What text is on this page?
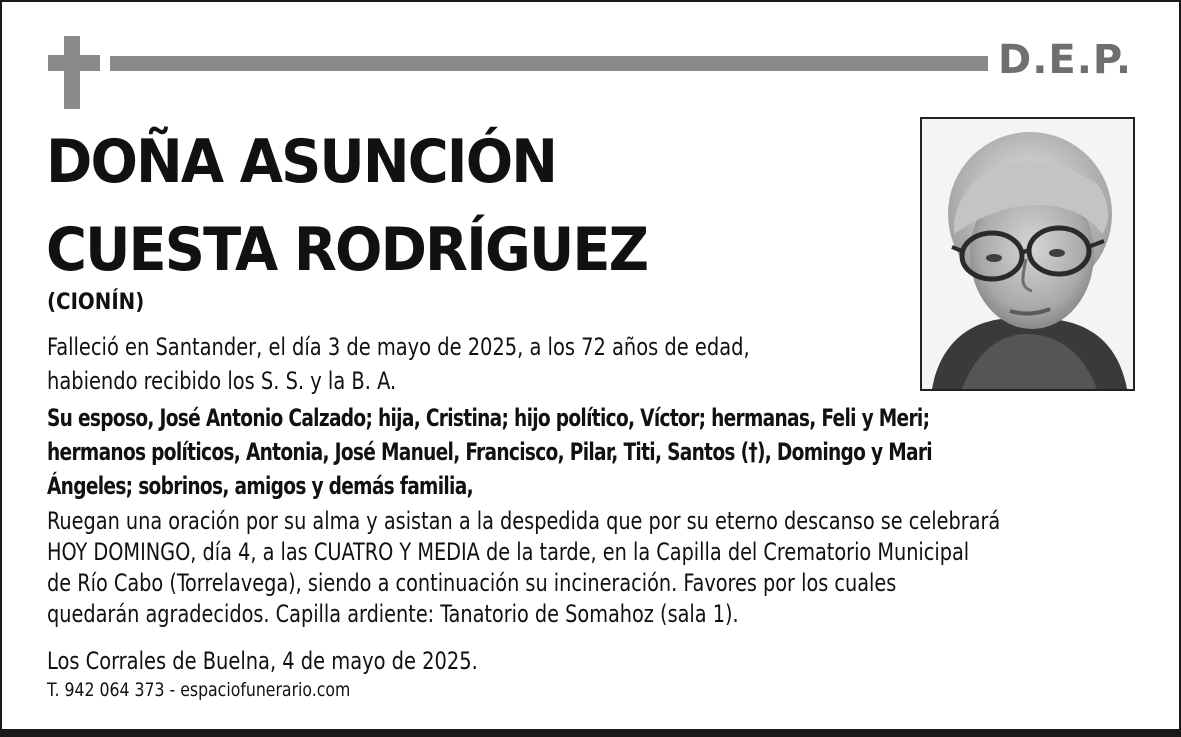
D.E.P.
DOÑA ASUNCIÓN
CUESTA RODRÍGUEZ
(CIONÍN)
Falleció en Santander, el día 3 de mayo de 2025, a los 72 años de edad,
habiendo recibido los S. S. y la B. A.
Su esposo, José Antonio Calzado; hija, Cristina; hijo político, Víctor; hermanas, Feli y Meri;
hermanos políticos, Antonia, José Manuel, Francisco, Pilar, Titi, Santos (†), Domingo y Mari
Ángeles; sobrinos, amigos y demás familia,
Ruegan una oración por su alma y asistan a la despedida que por su eterno descanso se celebrará
HOY DOMINGO, día 4, a las CUATRO Y MEDIA de la tarde, en la Capilla del Crematorio Municipal
de Río Cabo (Torrelavega), siendo a continuación su incineración. Favores por los cuales
quedarán agradecidos. Capilla ardiente: Tanatorio de Somahoz (sala 1).
Los Corrales de Buelna, 4 de mayo de 2025.
T. 942 064 373 - espaciofunerario.com
